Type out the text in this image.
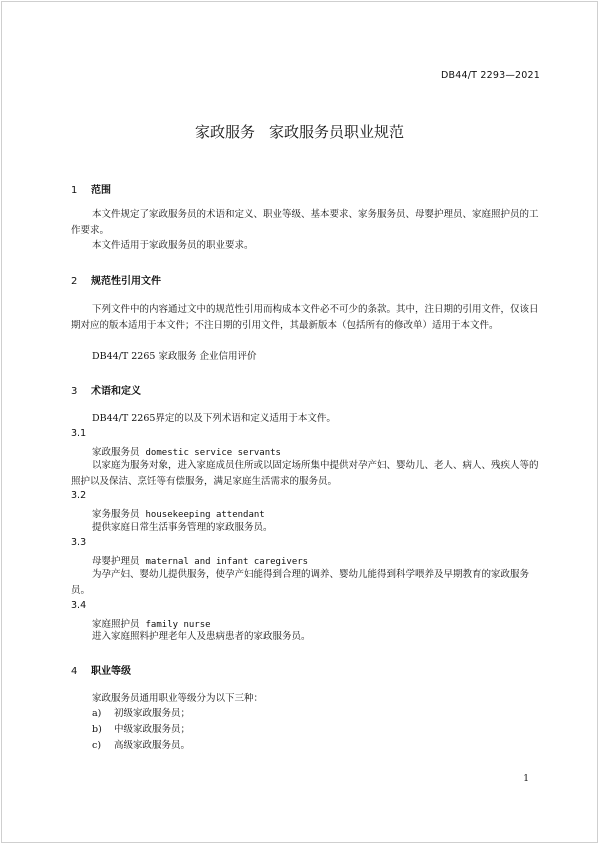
DB44/T 2293—2021
家政服务 家政服务员职业规范
1 范围
本文件规定了家政服务员的术语和定义、职业等级、基本要求、家务服务员、母婴护理员、家庭照护员的工作要求。
本文件适用于家政服务员的职业要求。
2 规范性引用文件
下列文件中的内容通过文中的规范性引用而构成本文件必不可少的条款。其中，注日期的引用文件，仅该日期对应的版本适用于本文件；不注日期的引用文件，其最新版本（包括所有的修改单）适用于本文件。
DB44/T 2265 家政服务 企业信用评价
3 术语和定义
DB44/T 2265界定的以及下列术语和定义适用于本文件。
3.1
家政服务员 domestic service servants
以家庭为服务对象，进入家庭成员住所或以固定场所集中提供对孕产妇、婴幼儿、老人、病人、残疾人等的照护以及保洁、烹饪等有偿服务，满足家庭生活需求的服务员。
3.2
家务服务员 housekeeping attendant
提供家庭日常生活事务管理的家政服务员。
3.3
母婴护理员 maternal and infant caregivers
为孕产妇、婴幼儿提供服务，使孕产妇能得到合理的调养、婴幼儿能得到科学喂养及早期教育的家政服务员。
3.4
家庭照护员 family nurse
进入家庭照料护理老年人及患病患者的家政服务员。
4 职业等级
家政服务员通用职业等级分为以下三种：
a) 初级家政服务员；
b) 中级家政服务员；
c) 高级家政服务员。
1
